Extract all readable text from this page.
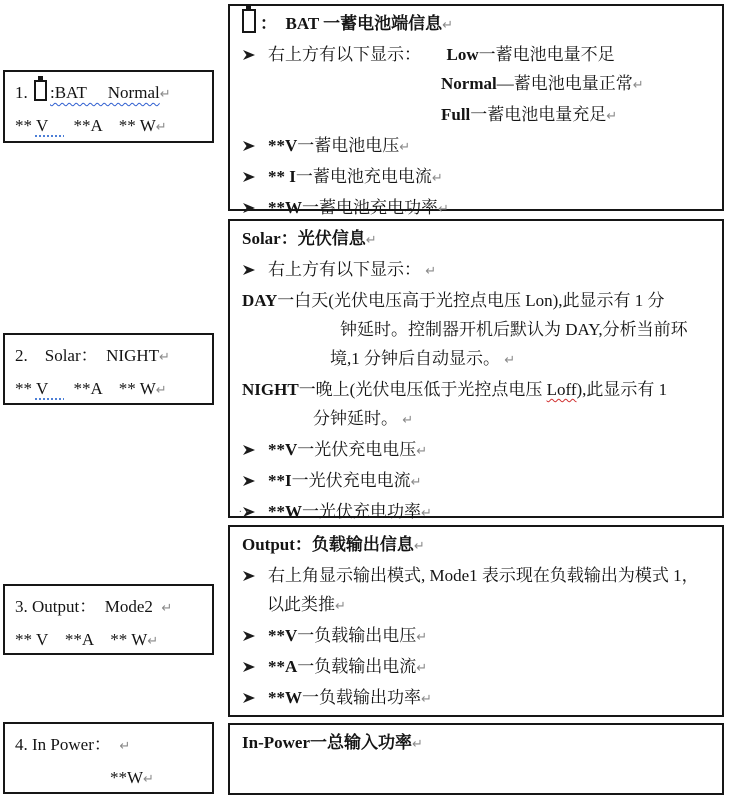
1. :BAT     Normal↵
** V      **A    ** W↵
2.    Solar：  NIGHT↵
** V      **A    ** W↵
3. Output：  Mode2  ↵
** V    **A    ** W↵
4. In Power：  ↵
**W↵
：  BAT 一蓄电池端信息↵
右上方有以下显示：      Low一蓄电池电量不足
Normal—蓄电池电量正常↵
Full一蓄电池电量充足↵
**V一蓄电池电压↵
** I一蓄电池充电电流↵
**W一蓄电池充电功率↵
Solar：光伏信息↵
右上方有以下显示： ↵
DAY一白天(光伏电压高于光控点电压 Lon),此显示有 1 分
钟延时。控制器开机后默认为 DAY,分析当前环
境,1 分钟后自动显示。 ↵
NIGHT一晚上(光伏电压低于光控点电压 Loff),此显示有 1
分钟延时。 ↵
**V一光伏充电电压↵
**I一光伏充电电流↵
**W一光伏充电功率↵
. .
Output：负载输出信息↵
右上角显示输出模式, Mode1 表示现在负载输出为模式 1，
以此类推↵
**V一负载输出电压↵
**A一负载输出电流↵
**W一负载输出功率↵
In-Power一总输入功率↵
